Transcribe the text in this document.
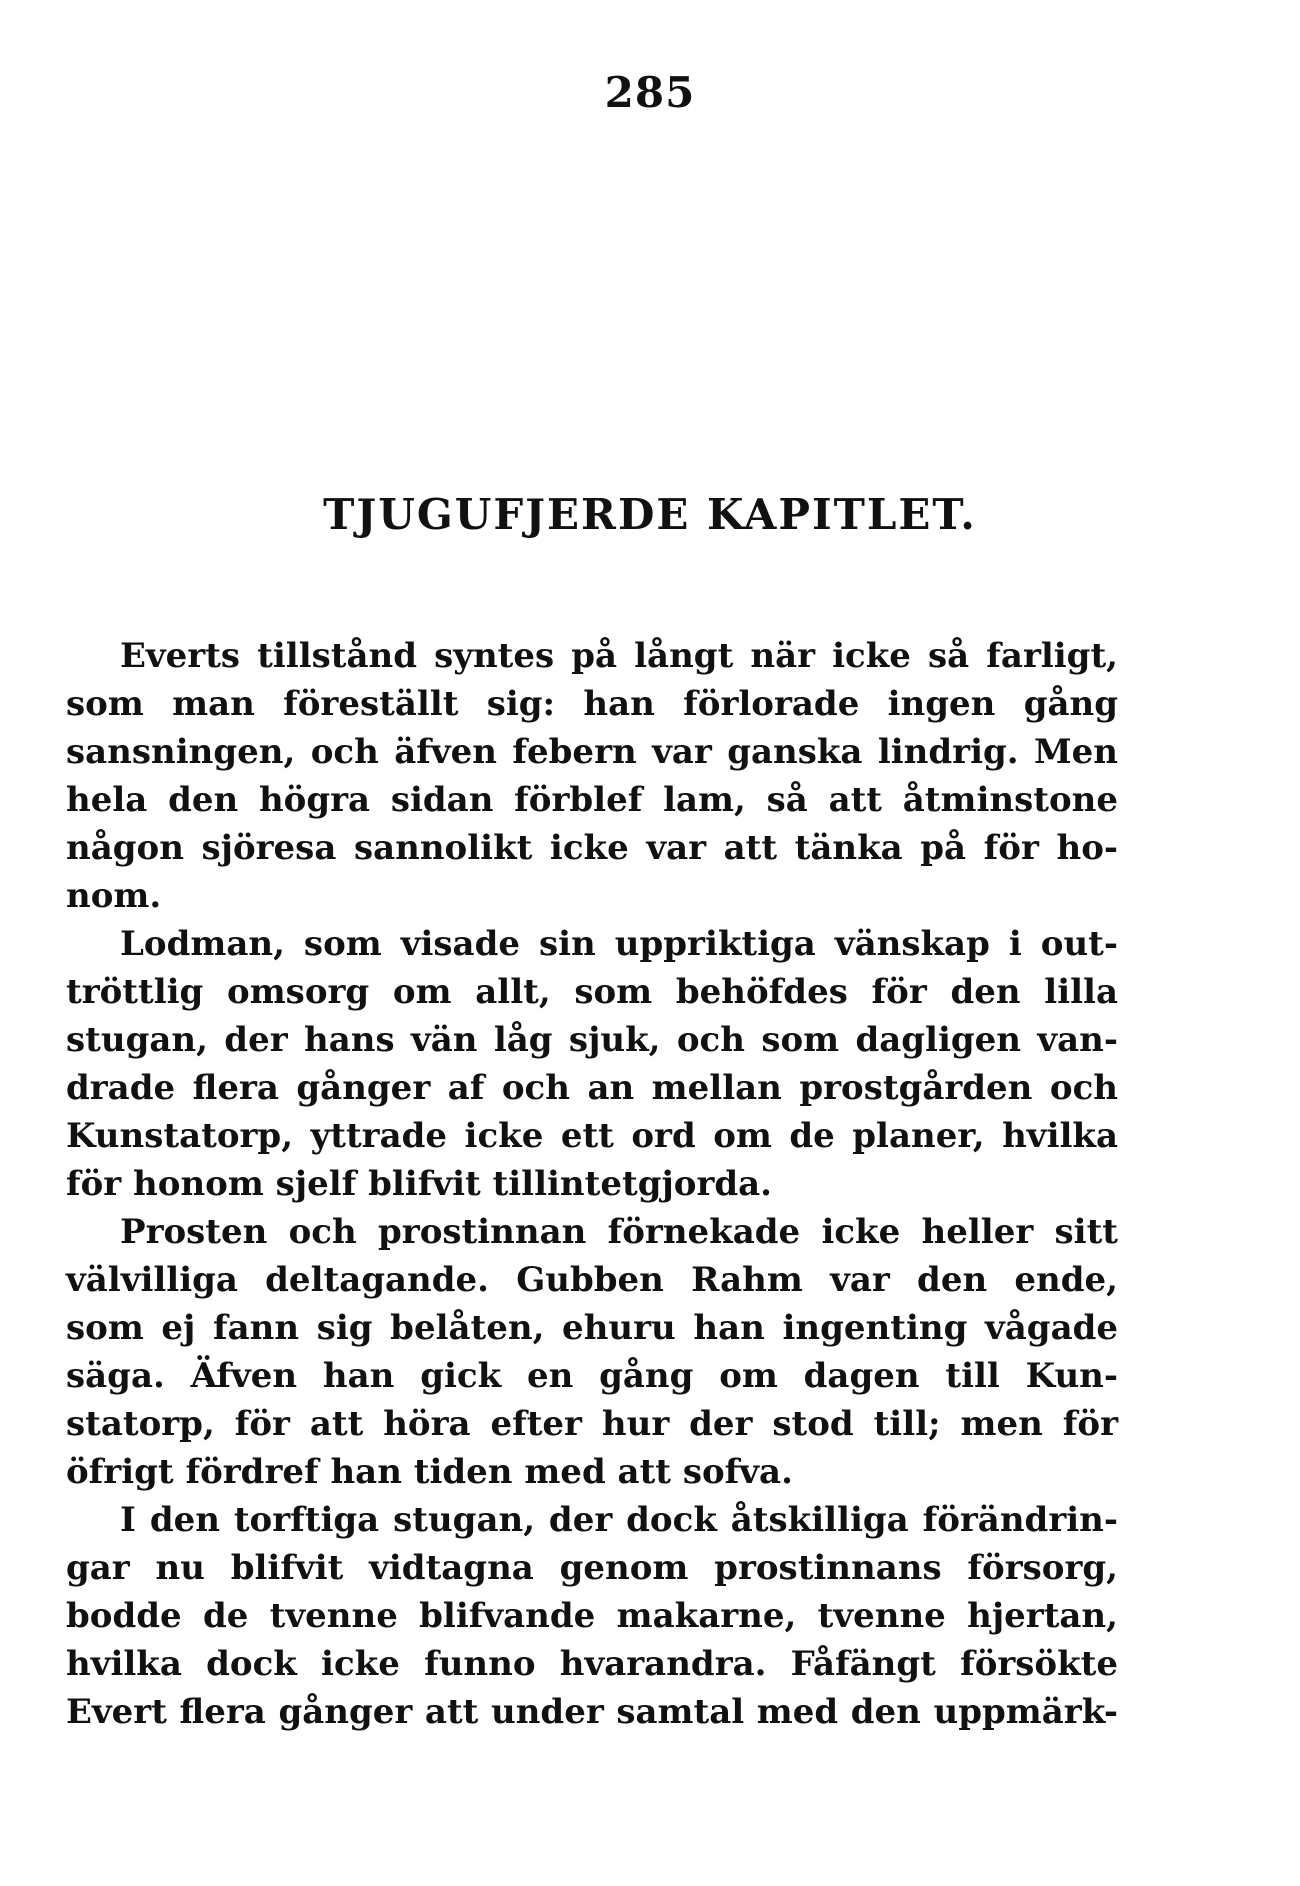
285
TJUGUFJERDE KAPITLET.
Everts tillstånd syntes på långt när icke så farligt,
som man föreställt sig: han förlorade ingen gång
sansningen, och äfven febern var ganska lindrig. Men
hela den högra sidan förblef lam, så att åtminstone
någon sjöresa sannolikt icke var att tänka på för ho-
nom.
Lodman, som visade sin uppriktiga vänskap i out-
tröttlig omsorg om allt, som behöfdes för den lilla
stugan, der hans vän låg sjuk, och som dagligen van-
drade flera gånger af och an mellan prostgården och
Kunstatorp, yttrade icke ett ord om de planer, hvilka
för honom sjelf blifvit tillintetgjorda.
Prosten och prostinnan förnekade icke heller sitt
välvilliga deltagande. Gubben Rahm var den ende,
som ej fann sig belåten, ehuru han ingenting vågade
säga. Äfven han gick en gång om dagen till Kun-
statorp, för att höra efter hur der stod till; men för
öfrigt fördref han tiden med att sofva.
I den torftiga stugan, der dock åtskilliga förändrin-
gar nu blifvit vidtagna genom prostinnans försorg,
bodde de tvenne blifvande makarne, tvenne hjertan,
hvilka dock icke funno hvarandra. Fåfängt försökte
Evert flera gånger att under samtal med den uppmärk-
